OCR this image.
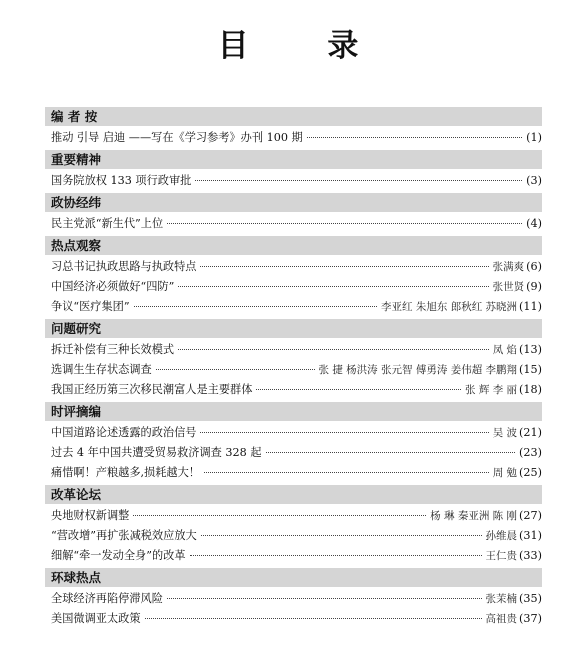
目 录
编 者 按
推动 引导 启迪 ——写在《学习参考》办刊 100 期	(1)
重要精神
国务院放权 133 项行政审批	(3)
政协经纬
民主党派“新生代”上位	(4)
热点观察
习总书记执政思路与执政特点	张满爽 (6)
中国经济必须做好“四防”	张世贤 (9)
争议“医疗集团”	李亚红 朱旭东 郎秋红 苏晓洲 (11)
问题研究
拆迁补偿有三种长效模式	凤 焰 (13)
选调生生存状态调查	张 捷 杨洪涛 张元智 傅勇涛 姜伟超 李鹏翔 (15)
我国正经历第三次移民潮富人是主要群体	张 辉 李 丽 (18)
时评摘编
中国道路论述透露的政治信号	吴 波 (21)
过去 4 年中国共遭受贸易救济调查 328 起	(23)
痛惜啊！产粮越多,损耗越大！	周 勉 (25)
改革论坛
央地财权新调整	杨 琳 秦亚洲 陈 刚 (27)
“营改增”再扩张减税效应放大	孙维晨 (31)
细解“牵一发动全身”的改革	王仁贵 (33)
环球热点
全球经济再陷停滞风险	张茉楠 (35)
美国微调亚太政策	高祖贵 (37)
